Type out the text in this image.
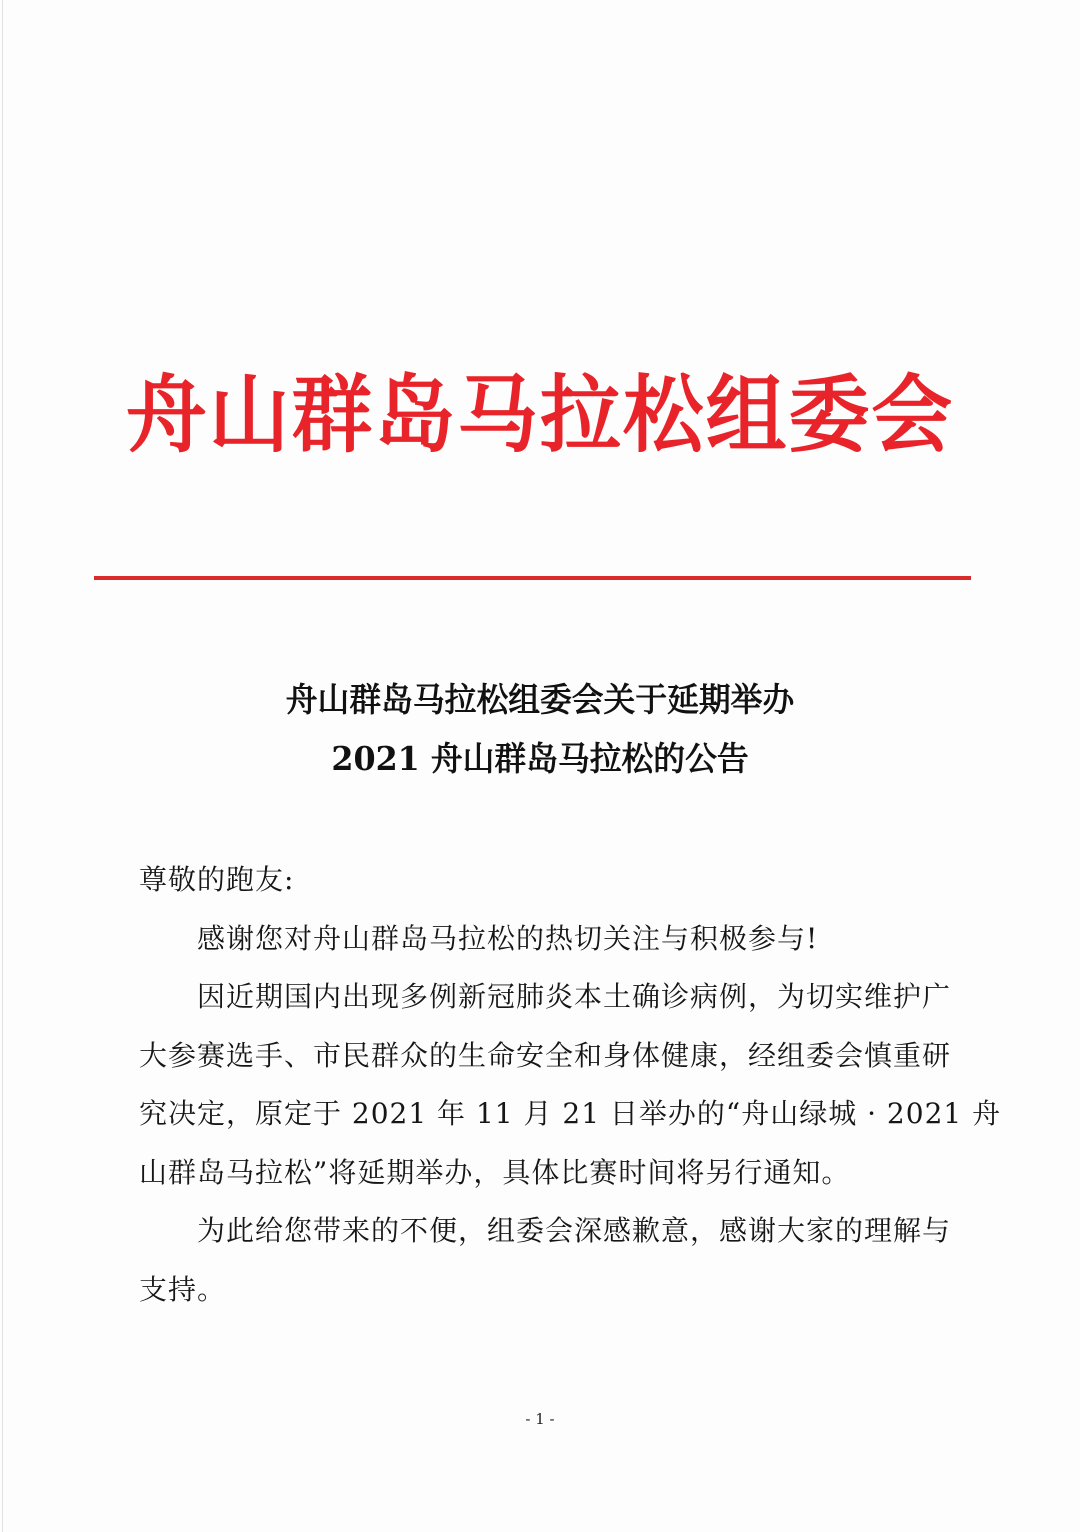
舟山群岛马拉松组委会
舟山群岛马拉松组委会关于延期举办
2021 舟山群岛马拉松的公告
尊敬的跑友:
感谢您对舟山群岛马拉松的热切关注与积极参与!
因近期国内出现多例新冠肺炎本土确诊病例，为切实维护广
大参赛选手、市民群众的生命安全和身体健康，经组委会慎重研
究决定，原定于 2021 年 11 月 21 日举办的“舟山绿城 · 2021 舟
山群岛马拉松”将延期举办，具体比赛时间将另行通知。
为此给您带来的不便，组委会深感歉意，感谢大家的理解与
支持。
- 1 -
